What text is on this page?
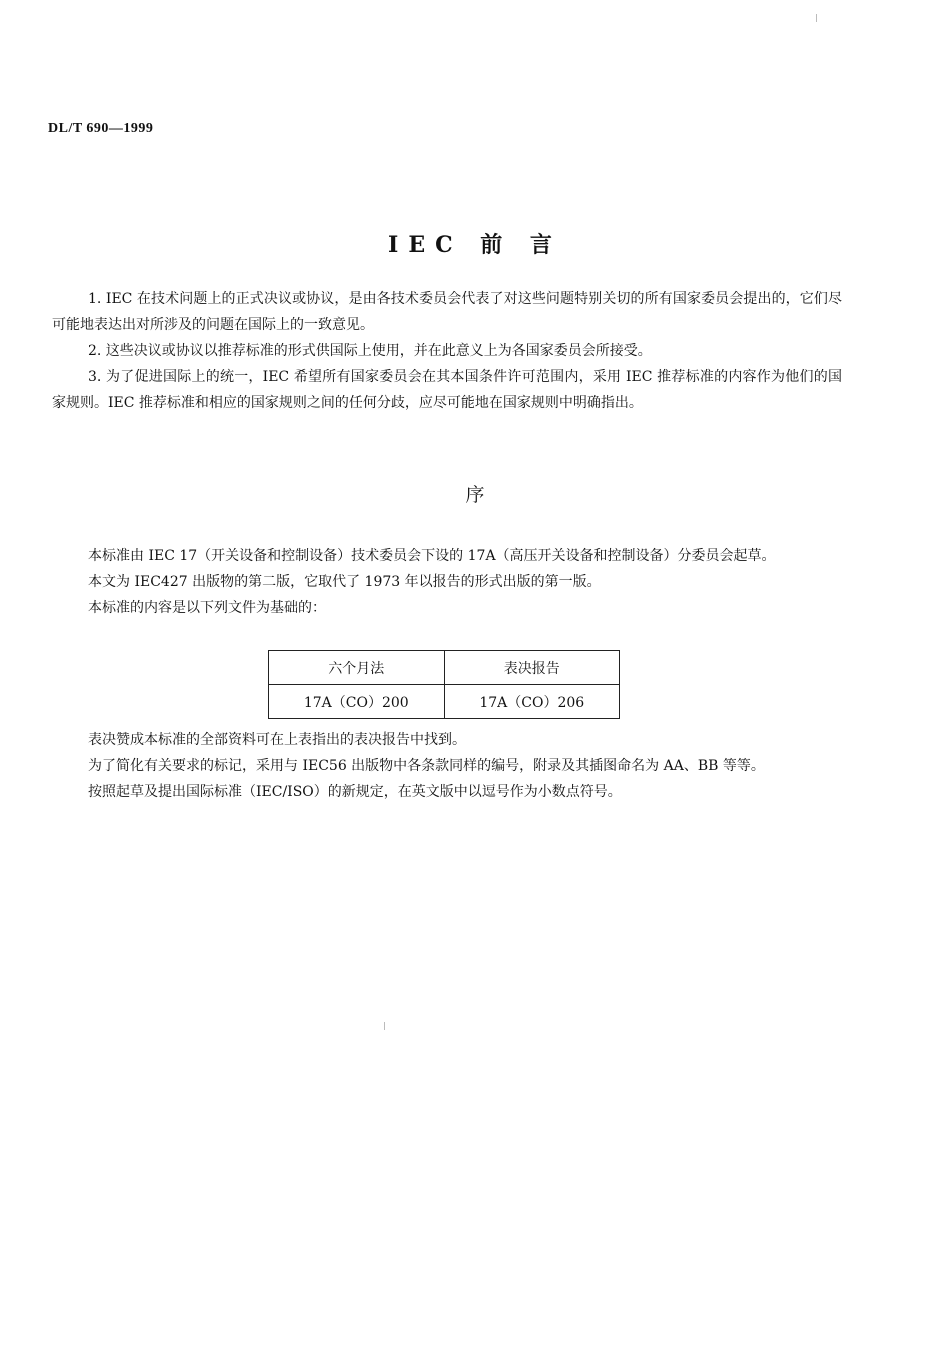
DL/T 690—1999
IEC 前 言

1. IEC 在技术问题上的正式决议或协议，是由各技术委员会代表了对这些问题特别关切的所有国家委员会提出的，它们尽可能地表达出对所涉及的问题在国际上的一致意见。

2. 这些决议或协议以推荐标准的形式供国际上使用，并在此意义上为各国家委员会所接受。

3. 为了促进国际上的统一，IEC 希望所有国家委员会在其本国条件许可范围内，采用 IEC 推荐标准的内容作为他们的国家规则。IEC 推荐标准和相应的国家规则之间的任何分歧，应尽可能地在国家规则中明确指出。

序

本标准由 IEC 17（开关设备和控制设备）技术委员会下设的 17A（高压开关设备和控制设备）分委员会起草。

本文为 IEC427 出版物的第二版，它取代了 1973 年以报告的形式出版的第一版。

本标准的内容是以下列文件为基础的：

六个月法	表决报告
17A（CO）200	17A（CO）206

表决赞成本标准的全部资料可在上表指出的表决报告中找到。

为了简化有关要求的标记，采用与 IEC56 出版物中各条款同样的编号，附录及其插图命名为 AA、BB 等等。

按照起草及提出国际标准（IEC/ISO）的新规定，在英文版中以逗号作为小数点符号。
